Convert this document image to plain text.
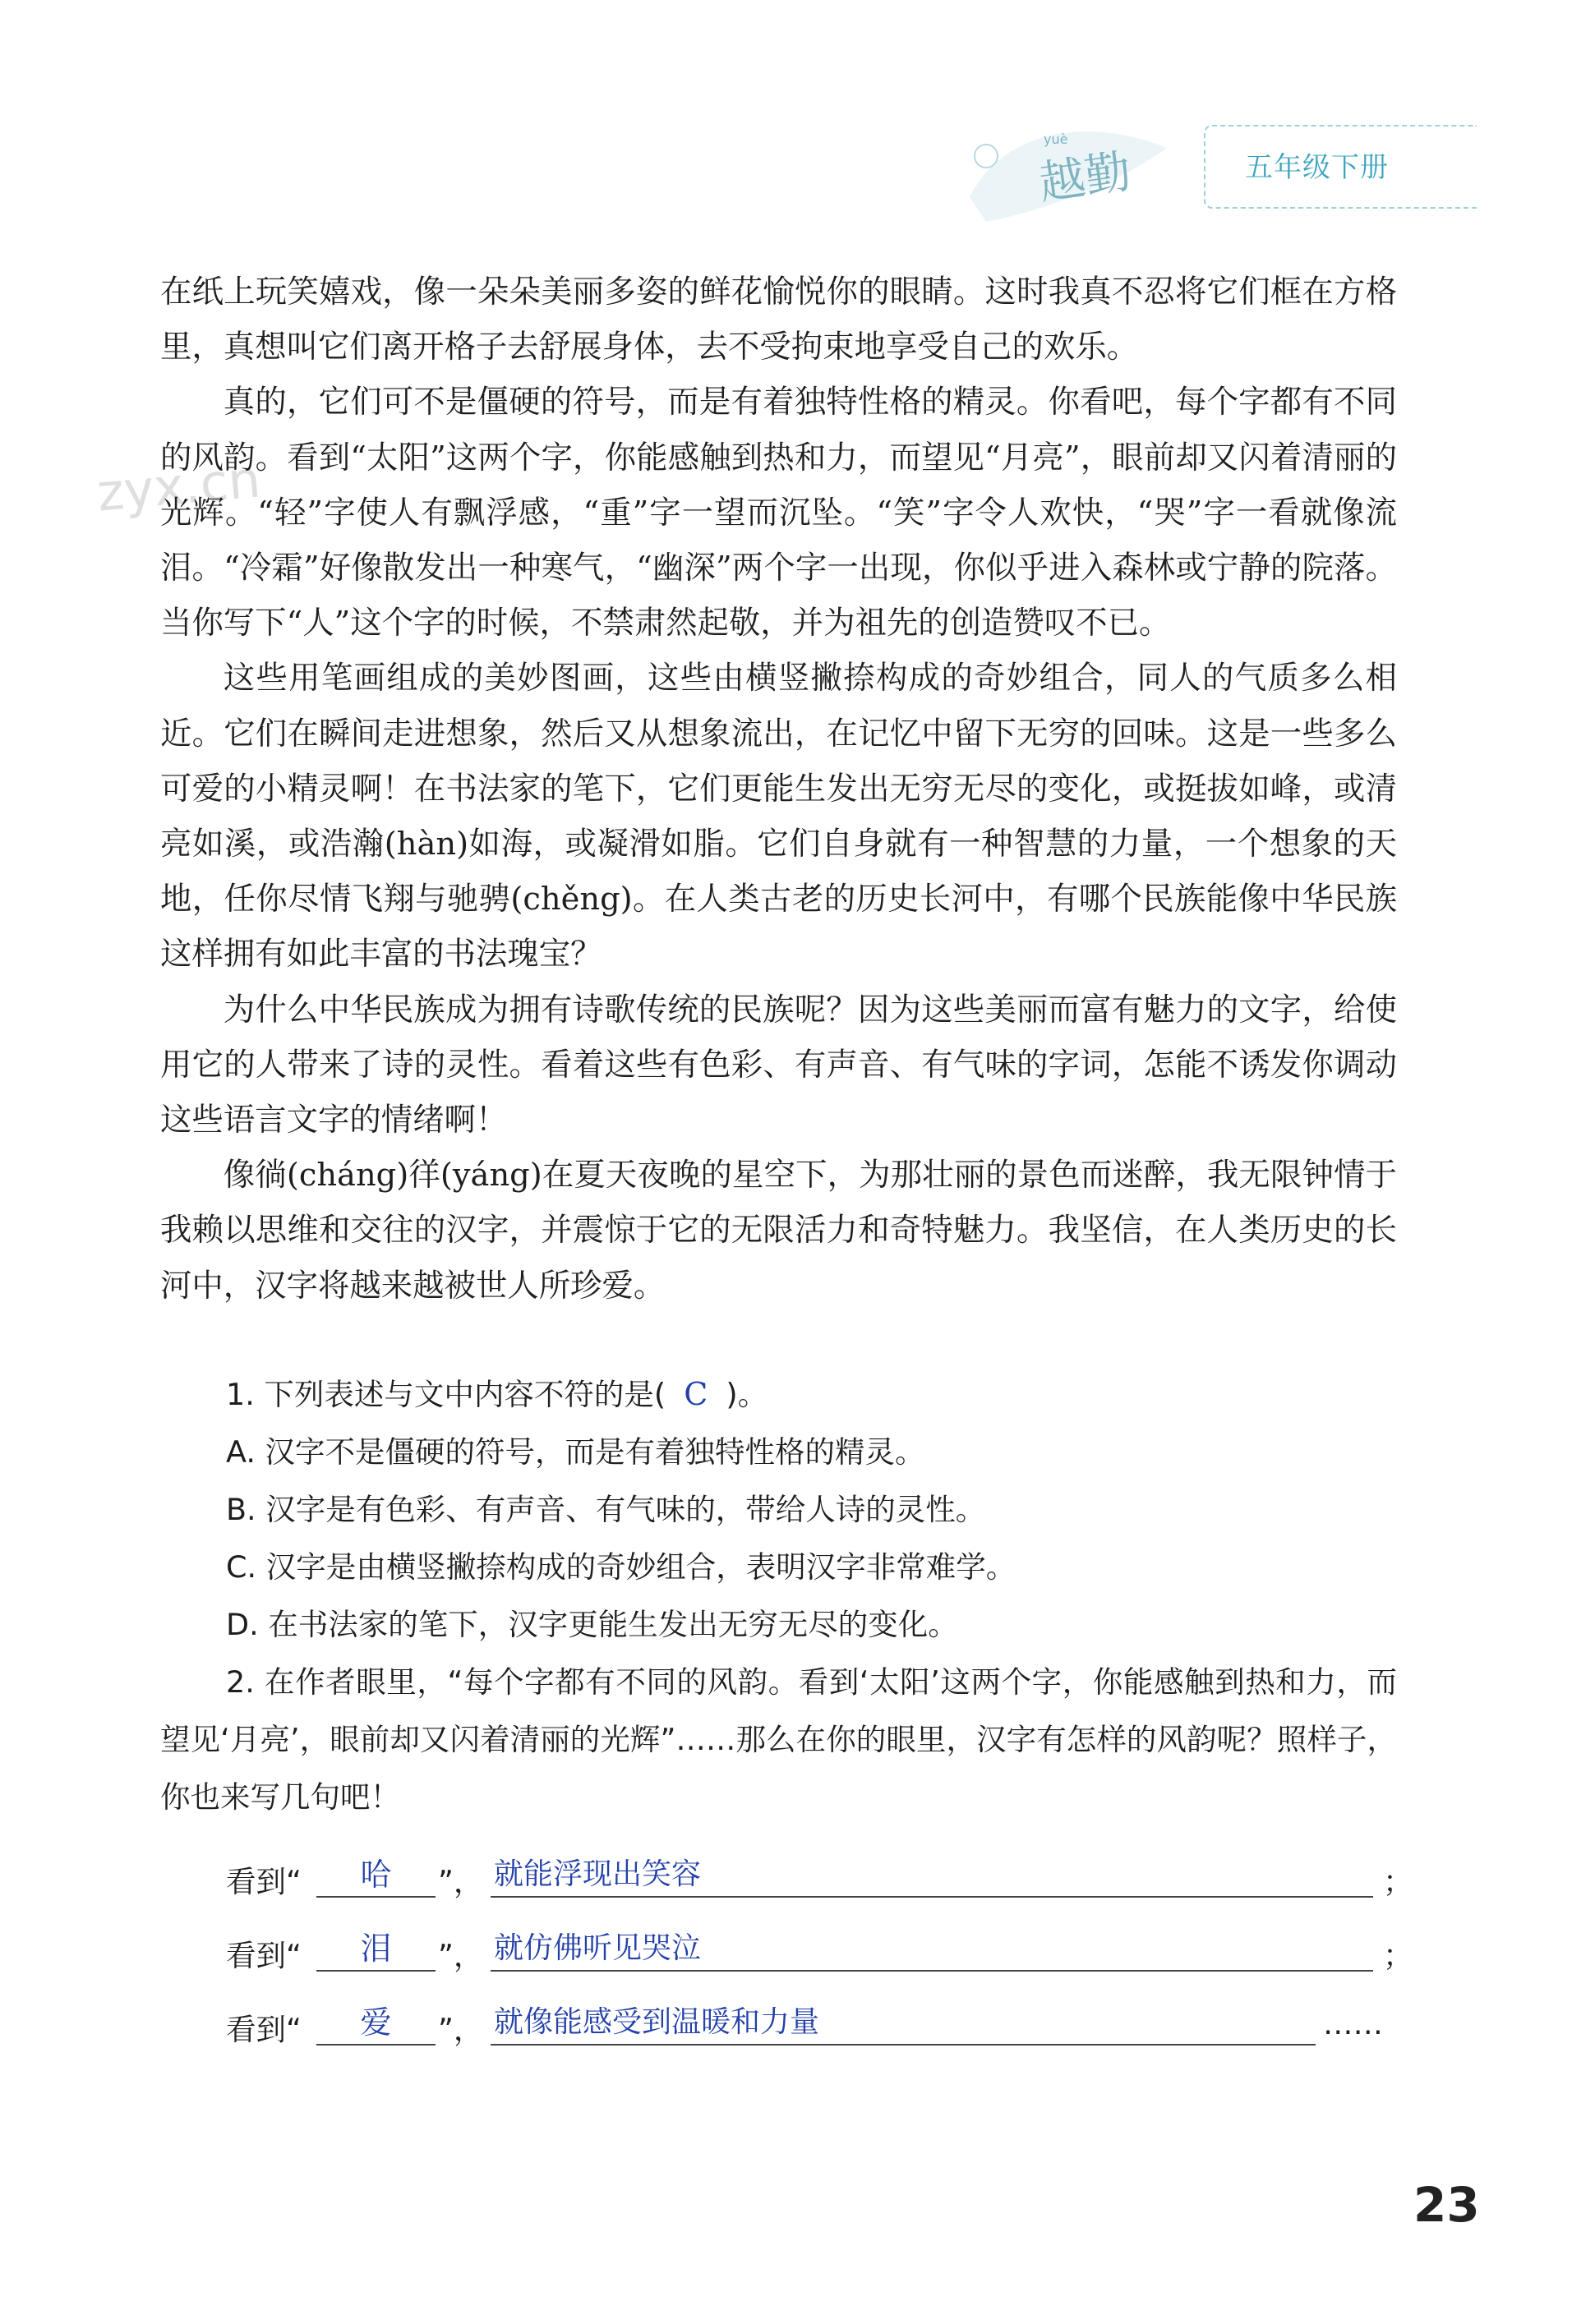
yuè
越勤	五年级下册
zyx.cn

在纸上玩笑嬉戏，像一朵朵美丽多姿的鲜花愉悦你的眼睛。这时我真不忍将它们框在方格里，真想叫它们离开格子去舒展身体，去不受拘束地享受自己的欢乐。

真的，它们可不是僵硬的符号，而是有着独特性格的精灵。你看吧，每个字都有不同的风韵。看到“太阳”这两个字，你能感触到热和力，而望见“月亮”，眼前却又闪着清丽的光辉。“轻”字使人有飘浮感，“重”字一望而沉坠。“笑”字令人欢快，“哭”字一看就像流泪。“冷霜”好像散发出一种寒气，“幽深”两个字一出现，你似乎进入森林或宁静的院落。当你写下“人”这个字的时候，不禁肃然起敬，并为祖先的创造赞叹不已。

这些用笔画组成的美妙图画，这些由横竖撇捺构成的奇妙组合，同人的气质多么相近。它们在瞬间走进想象，然后又从想象流出，在记忆中留下无穷的回味。这是一些多么可爱的小精灵啊！在书法家的笔下，它们更能生发出无穷无尽的变化，或挺拔如峰，或清亮如溪，或浩瀚(hàn)如海，或凝滑如脂。它们自身就有一种智慧的力量，一个想象的天地，任你尽情飞翔与驰骋(chěng)。在人类古老的历史长河中，有哪个民族能像中华民族这样拥有如此丰富的书法瑰宝？

为什么中华民族成为拥有诗歌传统的民族呢？因为这些美丽而富有魅力的文字，给使用它的人带来了诗的灵性。看着这些有色彩、有声音、有气味的字词，怎能不诱发你调动这些语言文字的情绪啊！

像徜(cháng)徉(yáng)在夏天夜晚的星空下，为那壮丽的景色而迷醉，我无限钟情于我赖以思维和交往的汉字，并震惊于它的无限活力和奇特魅力。我坚信，在人类历史的长河中，汉字将越来越被世人所珍爱。

1. 下列表述与文中内容不符的是( C )。

A. 汉字不是僵硬的符号，而是有着独特性格的精灵。

B. 汉字是有色彩、有声音、有气味的，带给人诗的灵性。

C. 汉字是由横竖撇捺构成的奇妙组合，表明汉字非常难学。

D. 在书法家的笔下，汉字更能生发出无穷无尽的变化。

2. 在作者眼里，“每个字都有不同的风韵。看到‘太阳’这两个字，你能感触到热和力，而望见‘月亮’，眼前却又闪着清丽的光辉”……那么在你的眼里，汉字有怎样的风韵呢？照样子，你也来写几句吧！

看到“	哈	”， 就能浮现出笑容	；
看到“	泪	”， 就仿佛听见哭泣	；
看到“	爱	”， 就像能感受到温暖和力量	……
23
